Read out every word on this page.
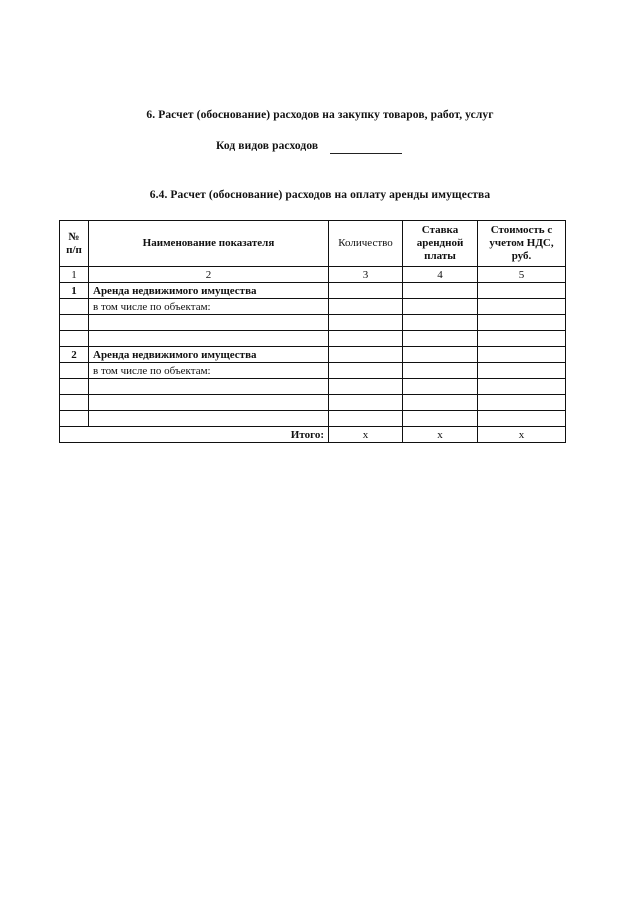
6. Расчет (обоснование) расходов на закупку товаров, работ, услуг
Код видов расходов
6.4. Расчет (обоснование) расходов на оплату аренды имущества
№ п/п	Наименование показателя	Количество	Ставка арендной платы	Стоимость с учетом НДС, руб.
1	2	3	4	5
1	Аренда недвижимого имущества			
	в том числе по объектам:			

2	Аренда недвижимого имущества			
	в том числе по объектам:			

Итого:		x	x	x
